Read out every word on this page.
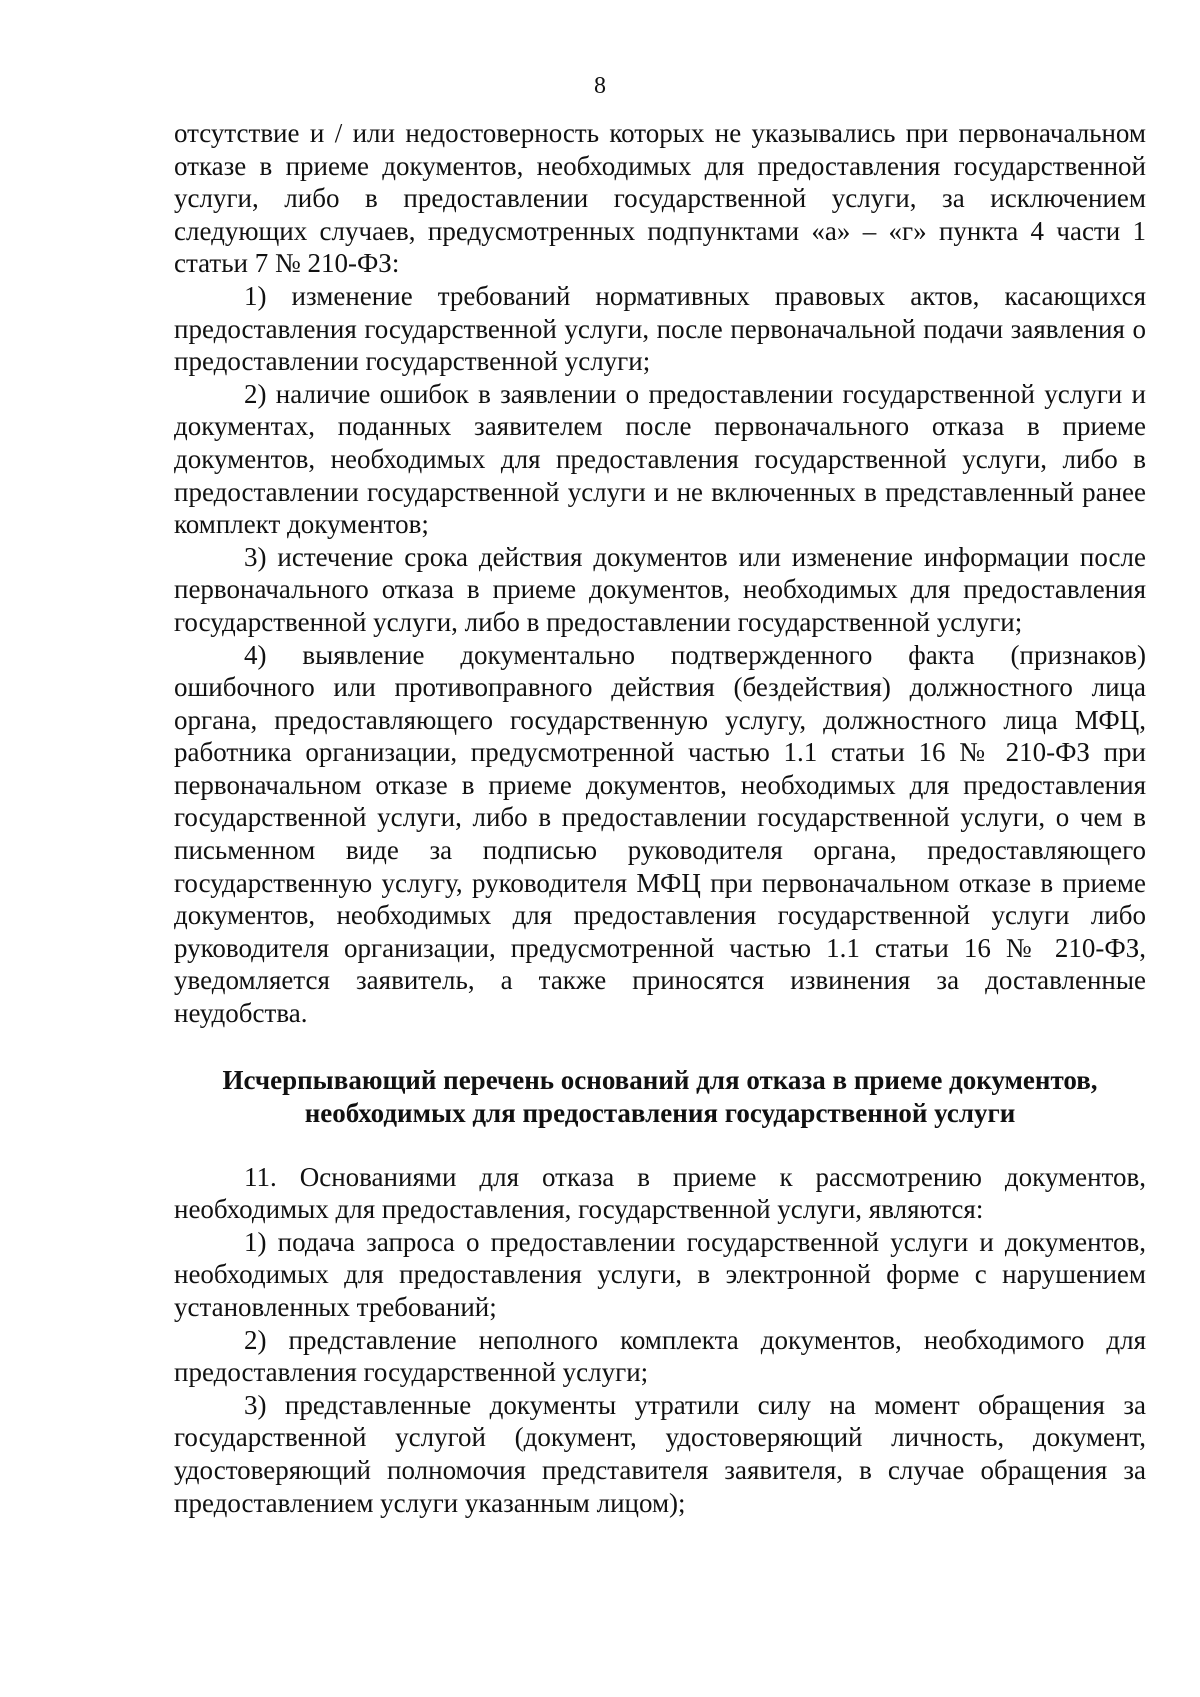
8

отсутствие и / или недостоверность которых не указывались при первоначальном отказе в приеме документов, необходимых для предоставления государственной услуги, либо в предоставлении государственной услуги, за исключением следующих случаев, предусмотренных подпунктами «а» – «г» пункта 4 части 1 статьи 7 № 210-ФЗ:

1) изменение требований нормативных правовых актов, касающихся предоставления государственной услуги, после первоначальной подачи заявления о предоставлении государственной услуги;

2) наличие ошибок в заявлении о предоставлении государственной услуги и документах, поданных заявителем после первоначального отказа в приеме документов, необходимых для предоставления государственной услуги, либо в предоставлении государственной услуги и не включенных в представленный ранее комплект документов;

3) истечение срока действия документов или изменение информации после первоначального отказа в приеме документов, необходимых для предоставления государственной услуги, либо в предоставлении государственной услуги;

4) выявление документально подтвержденного факта (признаков) ошибочного или противоправного действия (бездействия) должностного лица органа, предоставляющего государственную услугу, должностного лица МФЦ, работника организации, предусмотренной частью 1.1 статьи 16 № 210-ФЗ при первоначальном отказе в приеме документов, необходимых для предоставления государственной услуги, либо в предоставлении государственной услуги, о чем в письменном виде за подписью руководителя органа, предоставляющего государственную услугу, руководителя МФЦ при первоначальном отказе в приеме документов, необходимых для предоставления государственной услуги либо руководителя организации, предусмотренной частью 1.1 статьи 16 № 210-ФЗ, уведомляется заявитель, а также приносятся извинения за доставленные неудобства.

Исчерпывающий перечень оснований для отказа в приеме документов,
необходимых для предоставления государственной услуги

11. Основаниями для отказа в приеме к рассмотрению документов, необходимых для предоставления, государственной услуги, являются:

1) подача запроса о предоставлении государственной услуги и документов, необходимых для предоставления услуги, в электронной форме с нарушением установленных требований;

2) представление неполного комплекта документов, необходимого для предоставления государственной услуги;

3) представленные документы утратили силу на момент обращения за государственной услугой (документ, удостоверяющий личность, документ, удостоверяющий полномочия представителя заявителя, в случае обращения за предоставлением услуги указанным лицом);
